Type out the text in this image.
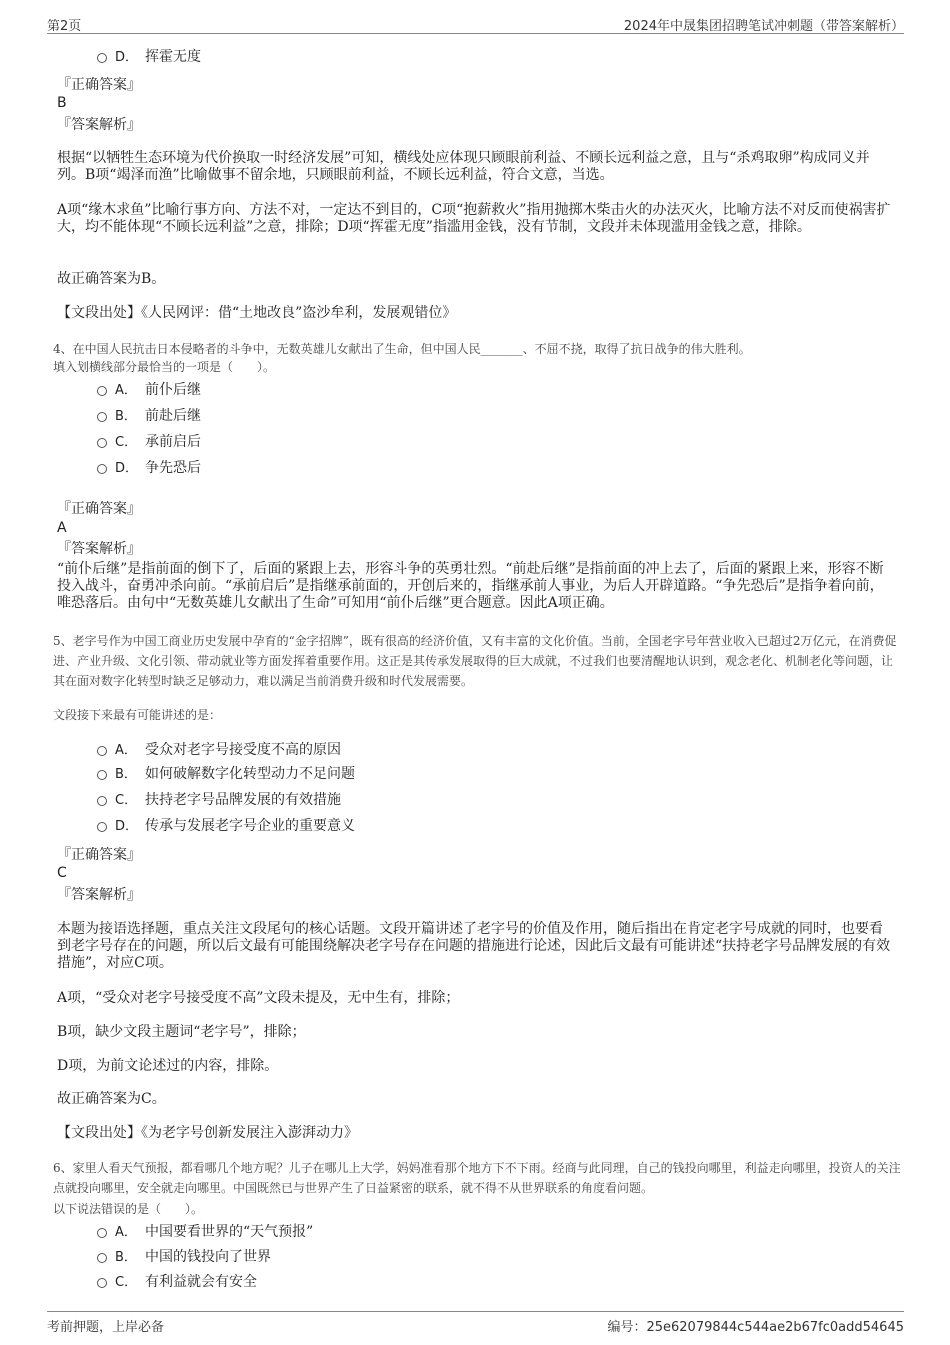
第2页	2024年中晟集团招聘笔试冲刺题（带答案解析）
D． 挥霍无度

『正确答案』

B

『答案解析』

根据“以牺牲生态环境为代价换取一时经济发展”可知，横线处应体现只顾眼前利益、不顾长远利益之意，且与“杀鸡取卵”构成同义并列。B项“竭泽而渔”比喻做事不留余地，只顾眼前利益，不顾长远利益，符合文意，当选。

A项“缘木求鱼”比喻行事方向、方法不对，一定达不到目的，C项“抱薪救火”指用抛掷木柴击火的办法灭火，比喻方法不对反而使祸害扩大，均不能体现“不顾长远利益”之意，排除；D项“挥霍无度”指滥用金钱，没有节制，文段并未体现滥用金钱之意，排除。

故正确答案为B。

【文段出处】《人民网评：借“土地改良”盗沙牟利，发展观错位》

4、在中国人民抗击日本侵略者的斗争中，无数英雄儿女献出了生命，但中国人民_______、不屈不挠，取得了抗日战争的伟大胜利。

填入划横线部分最恰当的一项是（　　）。

A． 前仆后继
B． 前赴后继
C． 承前启后
D． 争先恐后

『正确答案』

A

『答案解析』

“前仆后继”是指前面的倒下了，后面的紧跟上去，形容斗争的英勇壮烈。“前赴后继”是指前面的冲上去了，后面的紧跟上来，形容不断投入战斗，奋勇冲杀向前。“承前启后”是指继承前面的，开创后来的，指继承前人事业，为后人开辟道路。“争先恐后”是指争着向前，唯恐落后。由句中“无数英雄儿女献出了生命”可知用“前仆后继”更合题意。因此A项正确。

5、老字号作为中国工商业历史发展中孕育的“金字招牌”，既有很高的经济价值，又有丰富的文化价值。当前，全国老字号年营业收入已超过2万亿元，在消费促进、产业升级、文化引领、带动就业等方面发挥着重要作用。这正是其传承发展取得的巨大成就，不过我们也要清醒地认识到，观念老化、机制老化等问题，让其在面对数字化转型时缺乏足够动力，难以满足当前消费升级和时代发展需要。

文段接下来最有可能讲述的是：

A． 受众对老字号接受度不高的原因
B． 如何破解数字化转型动力不足问题
C． 扶持老字号品牌发展的有效措施
D． 传承与发展老字号企业的重要意义

『正确答案』

C

『答案解析』

本题为接语选择题，重点关注文段尾句的核心话题。文段开篇讲述了老字号的价值及作用，随后指出在肯定老字号成就的同时，也要看到老字号存在的问题，所以后文最有可能围绕解决老字号存在问题的措施进行论述，因此后文最有可能讲述“扶持老字号品牌发展的有效措施”，对应C项。

A项，“受众对老字号接受度不高”文段未提及，无中生有，排除；

B项，缺少文段主题词“老字号”，排除；

D项，为前文论述过的内容，排除。

故正确答案为C。

【文段出处】《为老字号创新发展注入澎湃动力》

6、家里人看天气预报，都看哪几个地方呢？儿子在哪儿上大学，妈妈准看那个地方下不下雨。经商与此同理，自己的钱投向哪里，利益走向哪里，投资人的关注点就投向哪里，安全就走向哪里。中国既然已与世界产生了日益紧密的联系，就不得不从世界联系的角度看问题。

以下说法错误的是（　　）。

A． 中国要看世界的“天气预报”
B． 中国的钱投向了世界
C． 有利益就会有安全
考前押题，上岸必备	编号：25e62079844c544ae2b67fc0add54645
